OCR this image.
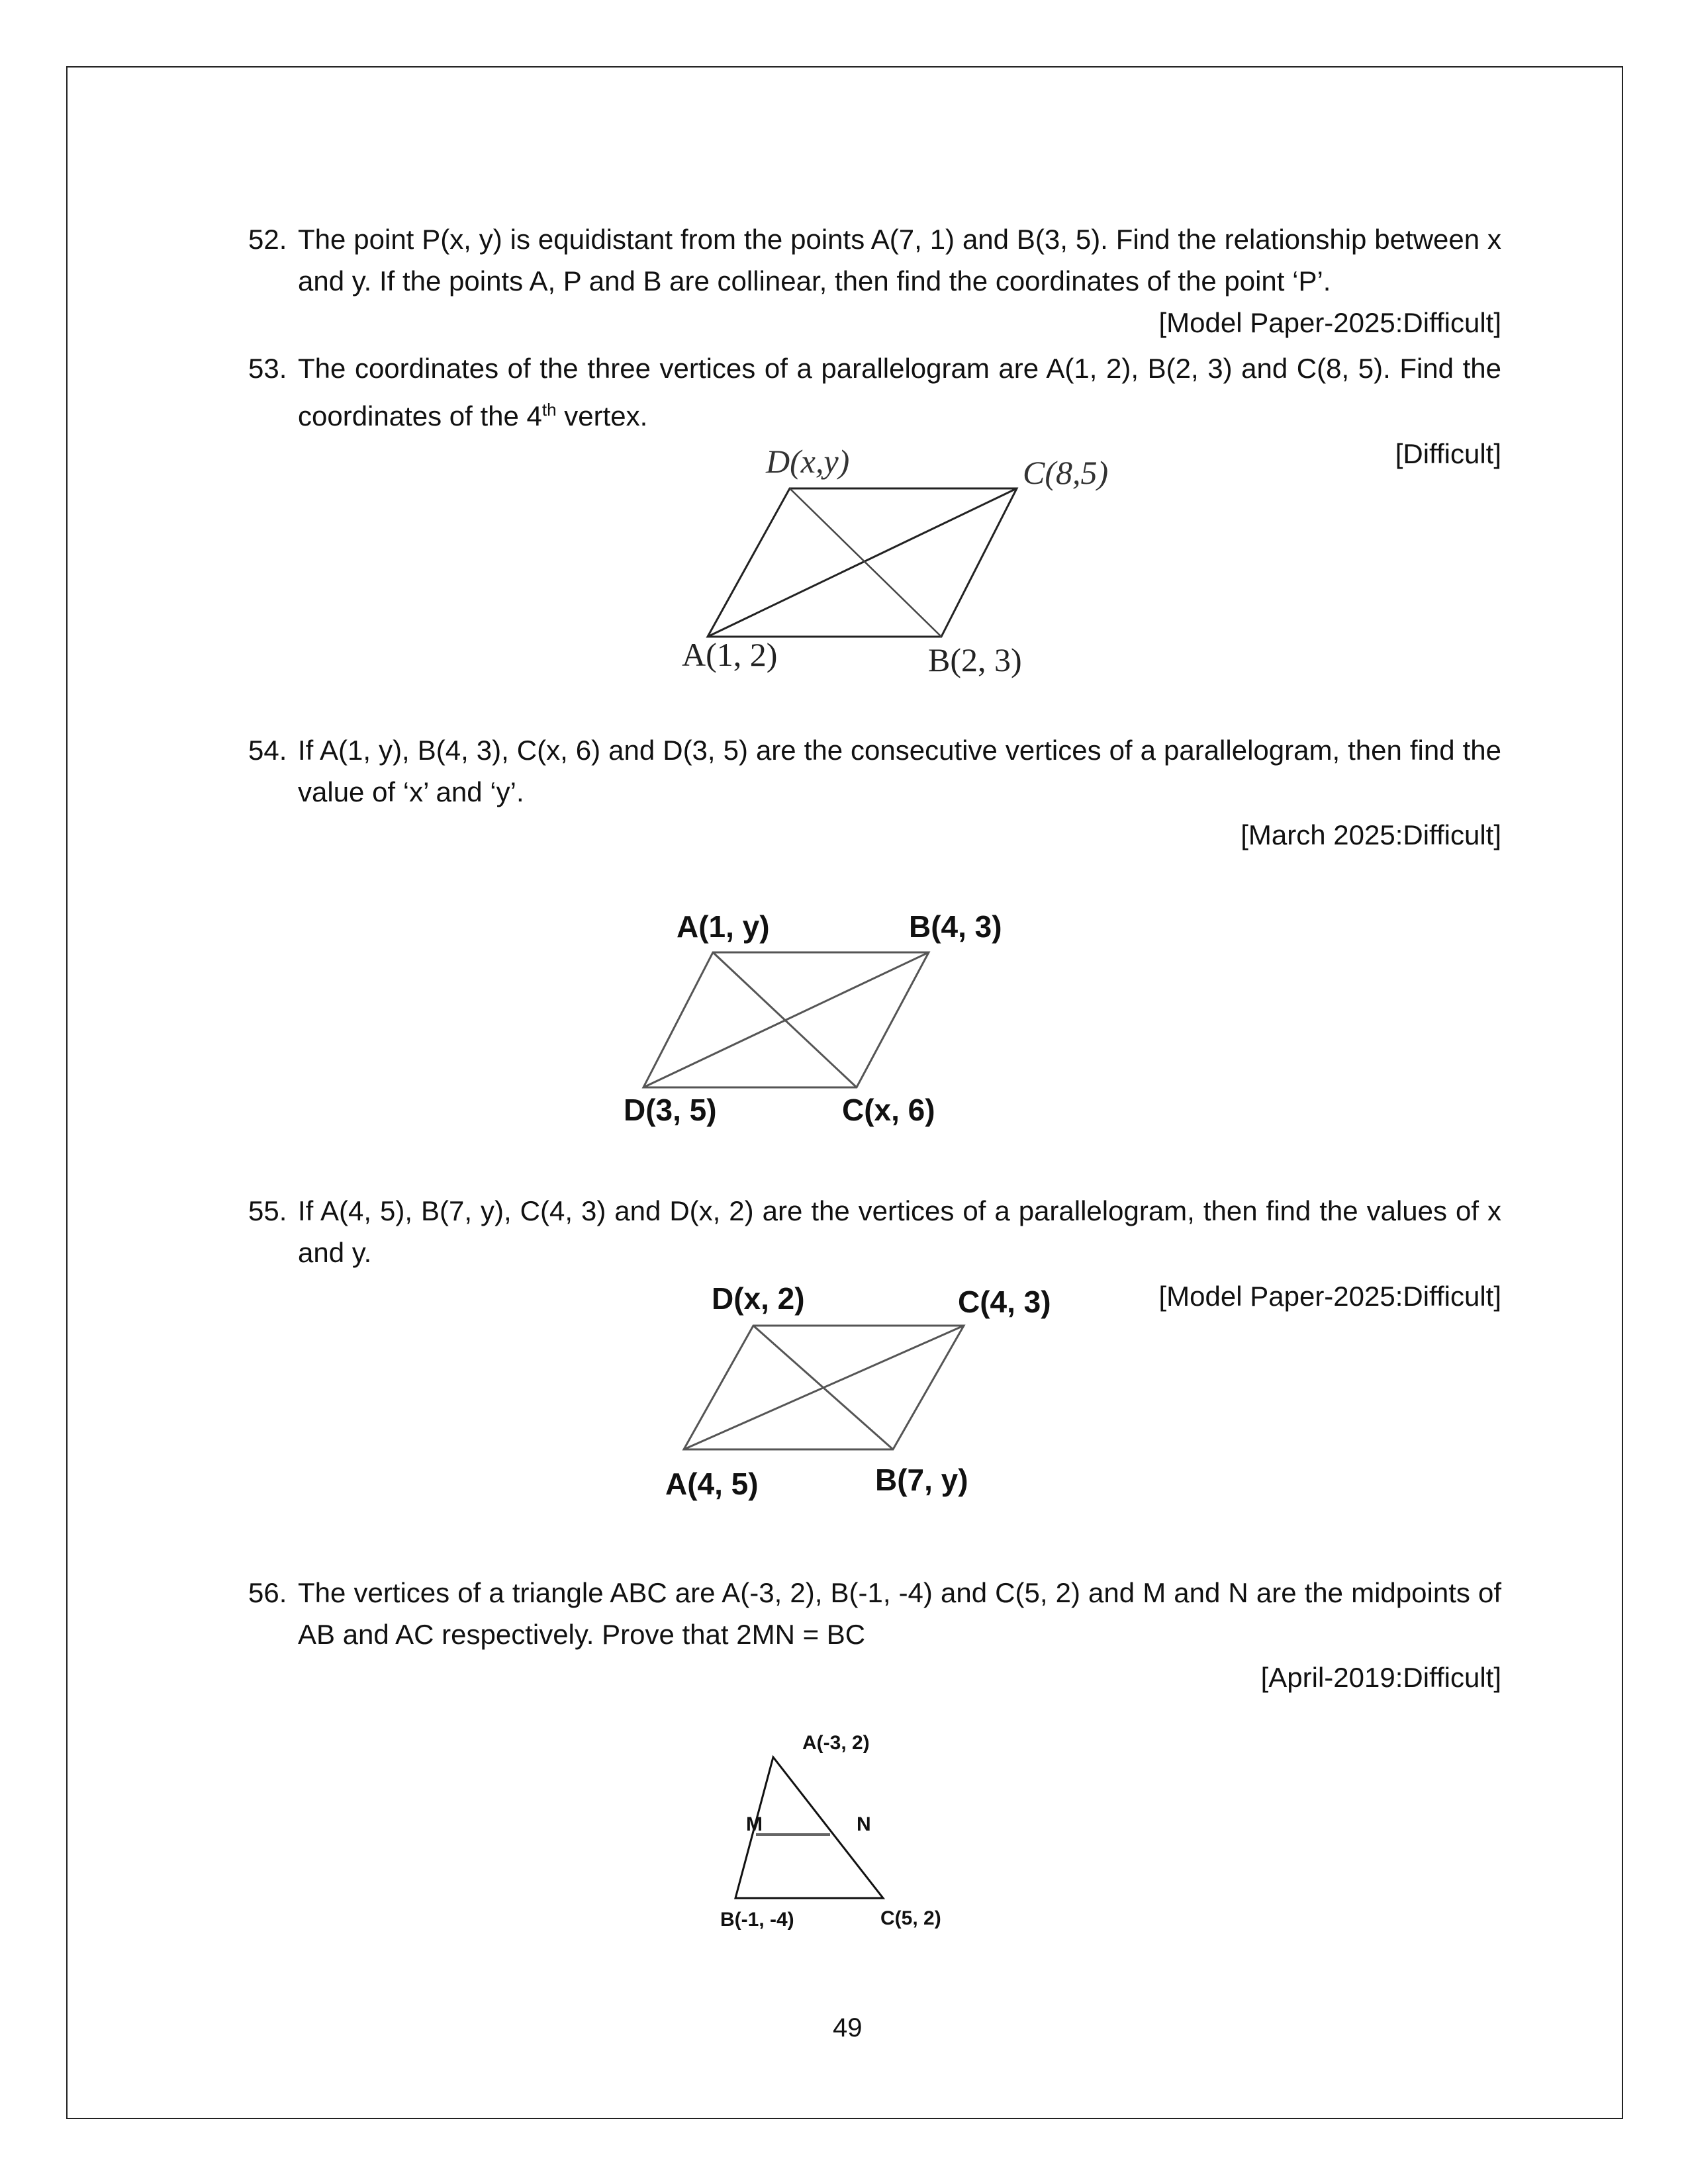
52. The point P(x, y) is equidistant from the points A(7, 1) and B(3, 5). Find the relationship between x and y. If the points A, P and B are collinear, then find the coordinates of the point ‘P’.
[Model Paper-2025:Difficult]
53. The coordinates of the three vertices of a parallelogram are A(1, 2), B(2, 3) and C(8, 5). Find the coordinates of the 4th vertex.
[Difficult]
54. If A(1, y), B(4, 3), C(x, 6) and D(3, 5) are the consecutive vertices of a parallelogram, then find the value of ‘x’ and ‘y’.
[March 2025:Difficult]
55. If A(4, 5), B(7, y), C(4, 3) and D(x, 2) are the vertices of a parallelogram, then find the values of x and y.
[Model Paper-2025:Difficult]
56. The vertices of a triangle ABC are A(-3, 2), B(-1, -4) and C(5, 2) and M and N are the midpoints of AB and AC respectively. Prove that 2MN = BC
[April-2019:Difficult]
D(x,y)	C(8,5)
A(1, 2)	B(2, 3)
A(1, y)	B(4, 3)
D(3, 5)	C(x, 6)
D(x, 2)	C(4, 3)
A(4, 5)	B(7, y)
A(-3, 2)
M	N
B(-1, -4)	C(5, 2)
49
